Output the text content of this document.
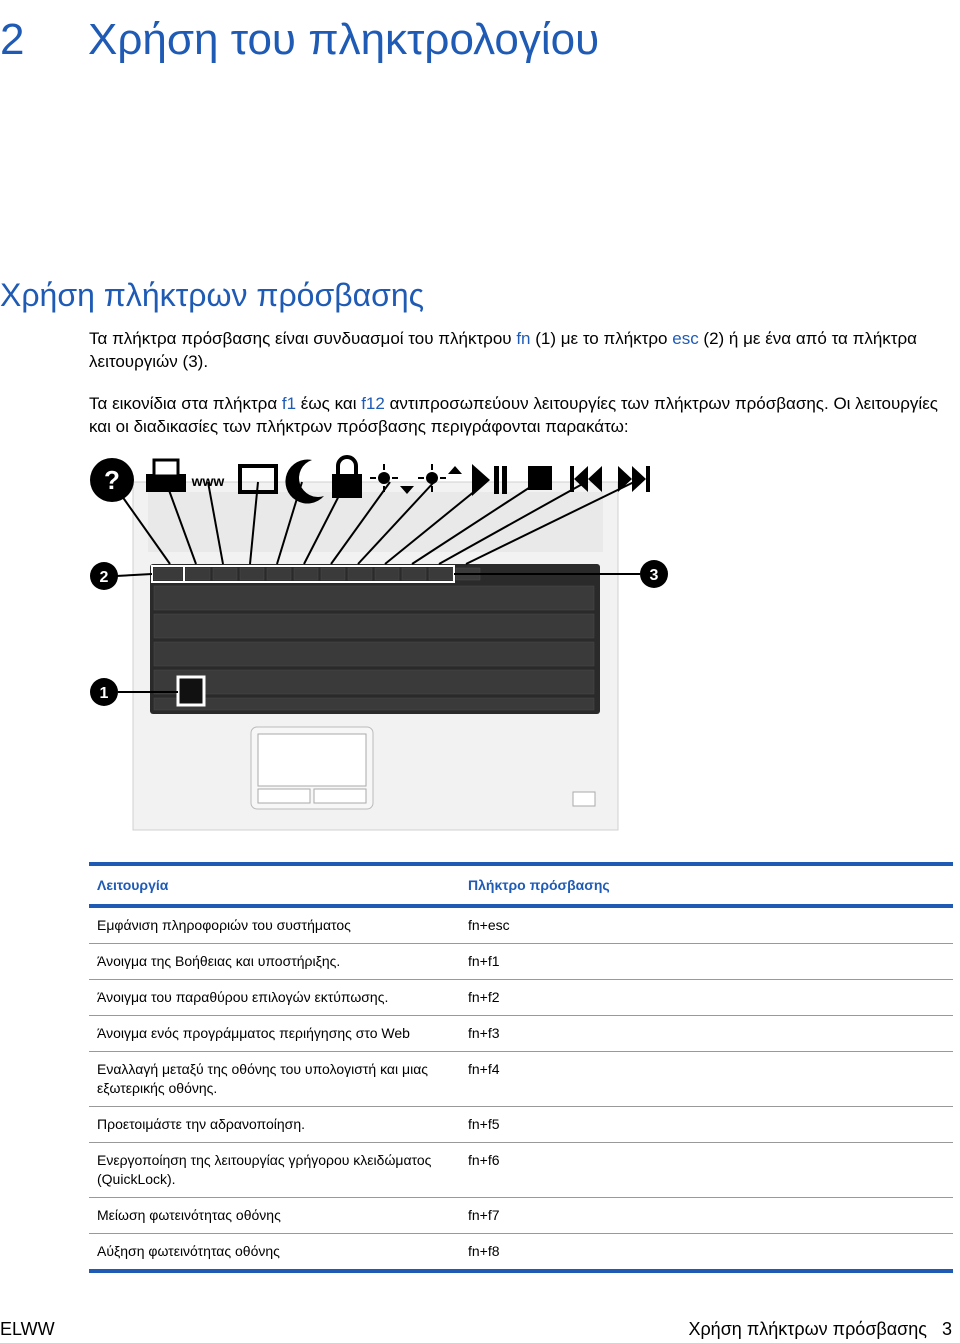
2 Χρήση του πληκτρολογίου
Χρήση πλήκτρων πρόσβασης
Τα πλήκτρα πρόσβασης είναι συνδυασμοί του πλήκτρου fn (1) με το πλήκτρο esc (2) ή με ένα από τα πλήκτρα λειτουργιών (3).
Τα εικονίδια στα πλήκτρα f1 έως και f12 αντιπροσωπεύουν λειτουργίες των πλήκτρων πρόσβασης. Οι λειτουργίες και οι διαδικασίες των πλήκτρων πρόσβασης περιγράφονται παρακάτω:
?	www
2	3
1
Λειτουργία	Πλήκτρο πρόσβασης
Εμφάνιση πληροφοριών του συστήματος	fn+esc
Άνοιγμα της Βοήθειας και υποστήριξης.	fn+f1
Άνοιγμα του παραθύρου επιλογών εκτύπωσης.	fn+f2
Άνοιγμα ενός προγράμματος περιήγησης στο Web	fn+f3
Εναλλαγή μεταξύ της οθόνης του υπολογιστή και μιας εξωτερικής οθόνης.	fn+f4
Προετοιμάστε την αδρανοποίηση.	fn+f5
Ενεργοποίηση της λειτουργίας γρήγορου κλειδώματος (QuickLock).	fn+f6
Μείωση φωτεινότητας οθόνης	fn+f7
Αύξηση φωτεινότητας οθόνης	fn+f8
ELWW	Χρήση πλήκτρων πρόσβασης   3
